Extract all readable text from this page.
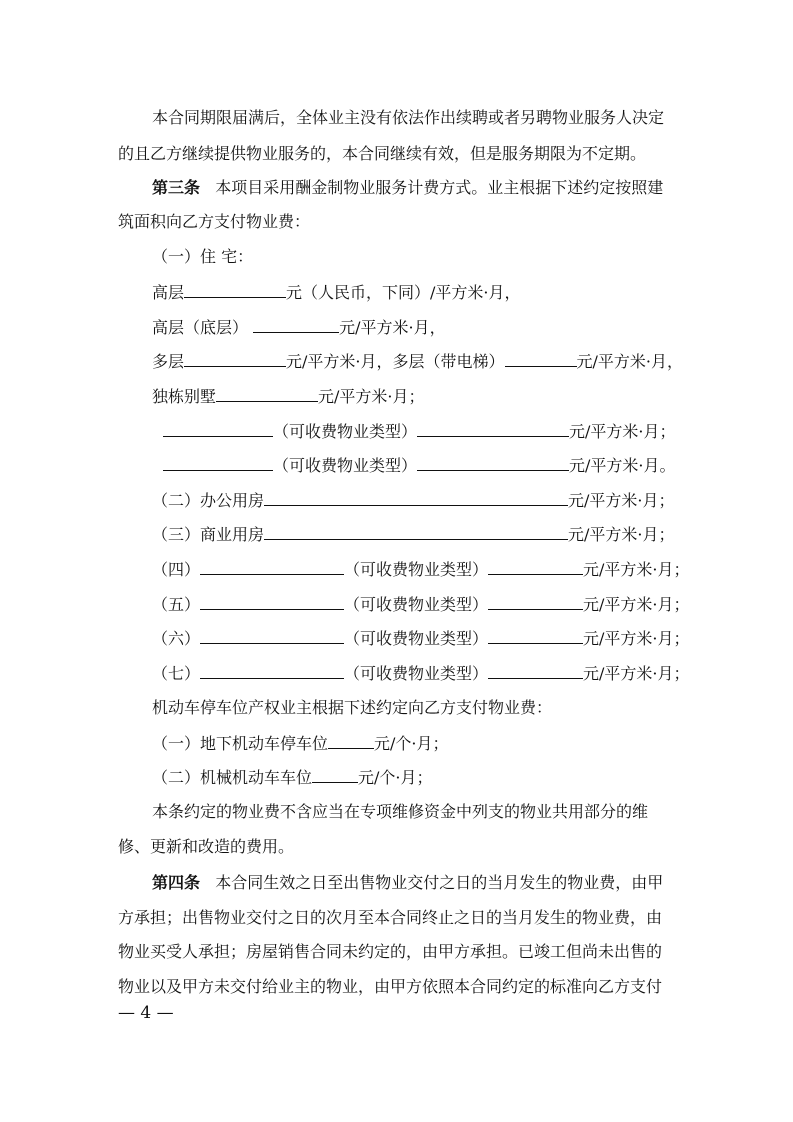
本合同期限届满后，全体业主没有依法作出续聘或者另聘物业服务人决定
的且乙方继续提供物业服务的，本合同继续有效，但是服务期限为不定期。
第三条 本项目采用酬金制物业服务计费方式。业主根据下述约定按照建
筑面积向乙方支付物业费：
（一）住 宅：
高层	元（人民币，下同）/平方米·月，
高层（底层）	元/平方米·月，
多层	元/平方米·月，多层（带电梯）	元/平方米·月，
独栋别墅	元/平方米·月；
（可收费物业类型）	元/平方米·月；
（可收费物业类型）	元/平方米·月。
（二）办公用房	元/平方米·月；
（三）商业用房	元/平方米·月；
（四）	（可收费物业类型）	元/平方米·月；
（五）	（可收费物业类型）	元/平方米·月；
（六）	（可收费物业类型）	元/平方米·月；
（七）	（可收费物业类型）	元/平方米·月；
机动车停车位产权业主根据下述约定向乙方支付物业费：
（一）地下机动车停车位	元/个·月；
（二）机械机动车车位	元/个·月；
本条约定的物业费不含应当在专项维修资金中列支的物业共用部分的维
修、更新和改造的费用。
第四条 本合同生效之日至出售物业交付之日的当月发生的物业费，由甲
方承担；出售物业交付之日的次月至本合同终止之日的当月发生的物业费，由
物业买受人承担；房屋销售合同未约定的，由甲方承担。已竣工但尚未出售的
物业以及甲方未交付给业主的物业，由甲方依照本合同约定的标准向乙方支付
— 4 —
